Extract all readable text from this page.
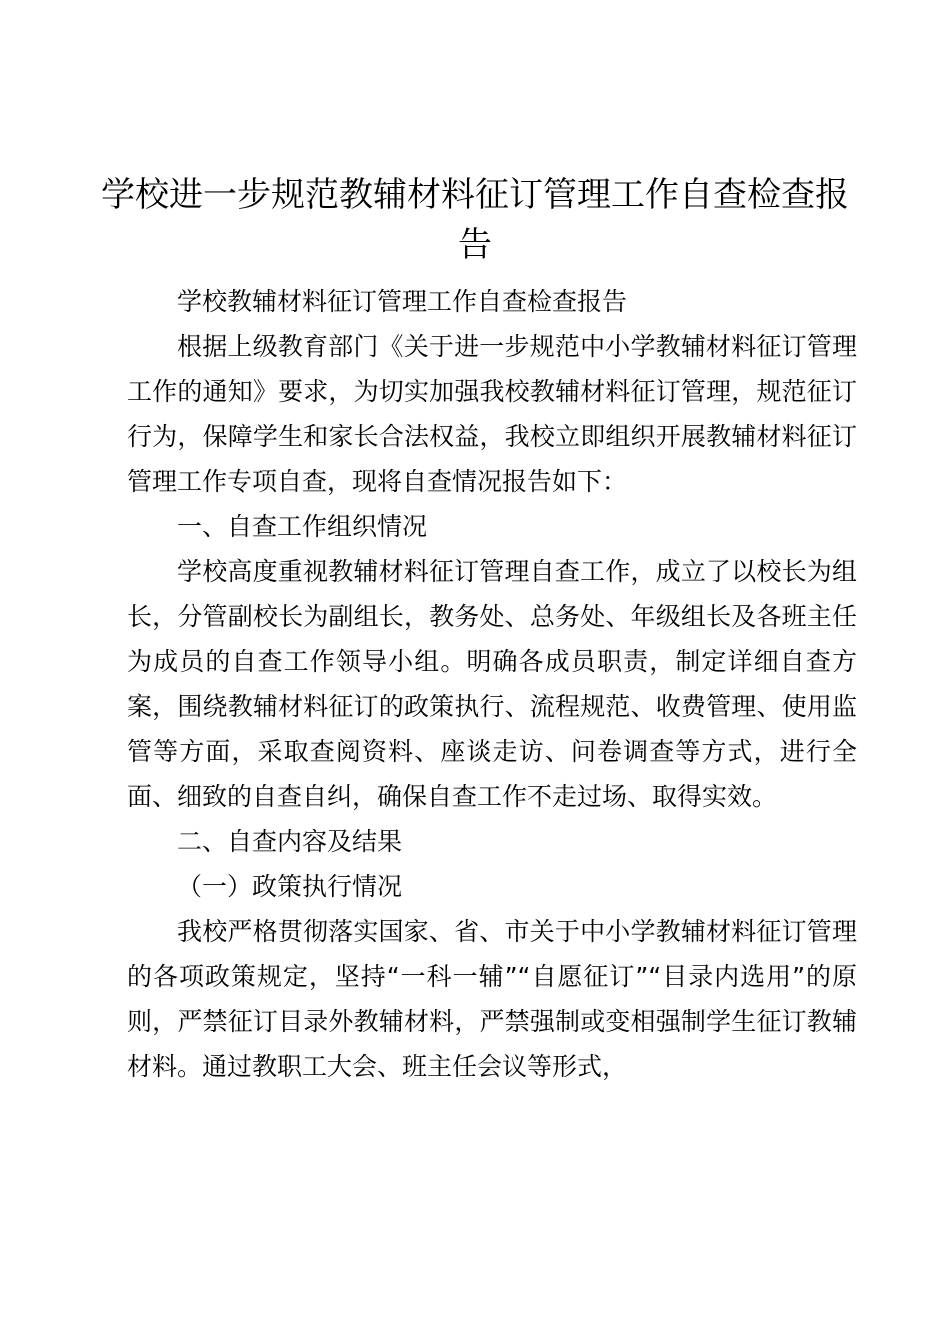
学校进一步规范教辅材料征订管理工作自查检查报告

学校教辅材料征订管理工作自查检查报告

根据上级教育部门《关于进一步规范中小学教辅材料征订管理工作的通知》要求，为切实加强我校教辅材料征订管理，规范征订行为，保障学生和家长合法权益，我校立即组织开展教辅材料征订管理工作专项自查，现将自查情况报告如下：

一、自查工作组织情况

学校高度重视教辅材料征订管理自查工作，成立了以校长为组长，分管副校长为副组长，教务处、总务处、年级组长及各班主任为成员的自查工作领导小组。明确各成员职责，制定详细自查方案，围绕教辅材料征订的政策执行、流程规范、收费管理、使用监管等方面，采取查阅资料、座谈走访、问卷调查等方式，进行全面、细致的自查自纠，确保自查工作不走过场、取得实效。

二、自查内容及结果

（一）政策执行情况

我校严格贯彻落实国家、省、市关于中小学教辅材料征订管理的各项政策规定，坚持“一科一辅”“自愿征订”“目录内选用”的原则，严禁征订目录外教辅材料，严禁强制或变相强制学生征订教辅材料。通过教职工大会、班主任会议等形式，
